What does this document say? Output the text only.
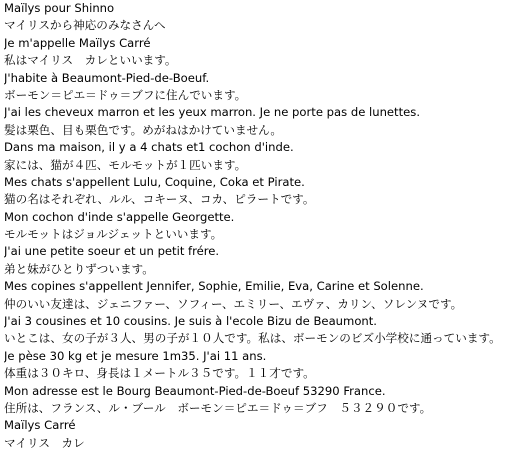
Maïlys pour Shinno
マイリスから神応のみなさんへ
Je m'appelle Maïlys Carré
私はマイリス　カレといいます。
J'habite à Beaumont-Pied-de-Boeuf.
ボーモン＝ピエ＝ドゥ＝ブフに住んでいます。
J'ai les cheveux marron et les yeux marron. Je ne porte pas de lunettes.
髪は栗色、目も栗色です。めがねはかけていません。
Dans ma maison, il y a 4 chats et1 cochon d'inde.
家には、猫が４匹、モルモットが１匹います。
Mes chats s'appellent Lulu, Coquine, Coka et Pirate.
猫の名はそれぞれ、ルル、コキーヌ、コカ、ピラートです。
Mon cochon d'inde s'appelle Georgette.
モルモットはジョルジェットといいます。
J'ai une petite soeur et un petit frére.
弟と妹がひとりずついます。
Mes copines s'appellent Jennifer, Sophie, Emilie, Eva, Carine et Solenne.
仲のいい友達は、ジェニファー、ソフィー、エミリー、エヴァ、カリン、ソレンヌです。
J'ai 3 cousines et 10 cousins. Je suis à l'ecole Bizu de Beaumont.
いとこは、女の子が３人、男の子が１０人です。私は、ボーモンのビズ小学校に通っています。
Je pèse 30 kg et je mesure 1m35. J'ai 11 ans.
体重は３０キロ、身長は１メートル３５です。１１才です。
Mon adresse est le Bourg Beaumont-Pied-de-Boeuf 53290 France.
住所は、フランス、ル・ブール　ボーモン＝ピエ＝ドゥ＝ブフ　５３２９０です。
Maïlys Carré
マイリス　カレ
